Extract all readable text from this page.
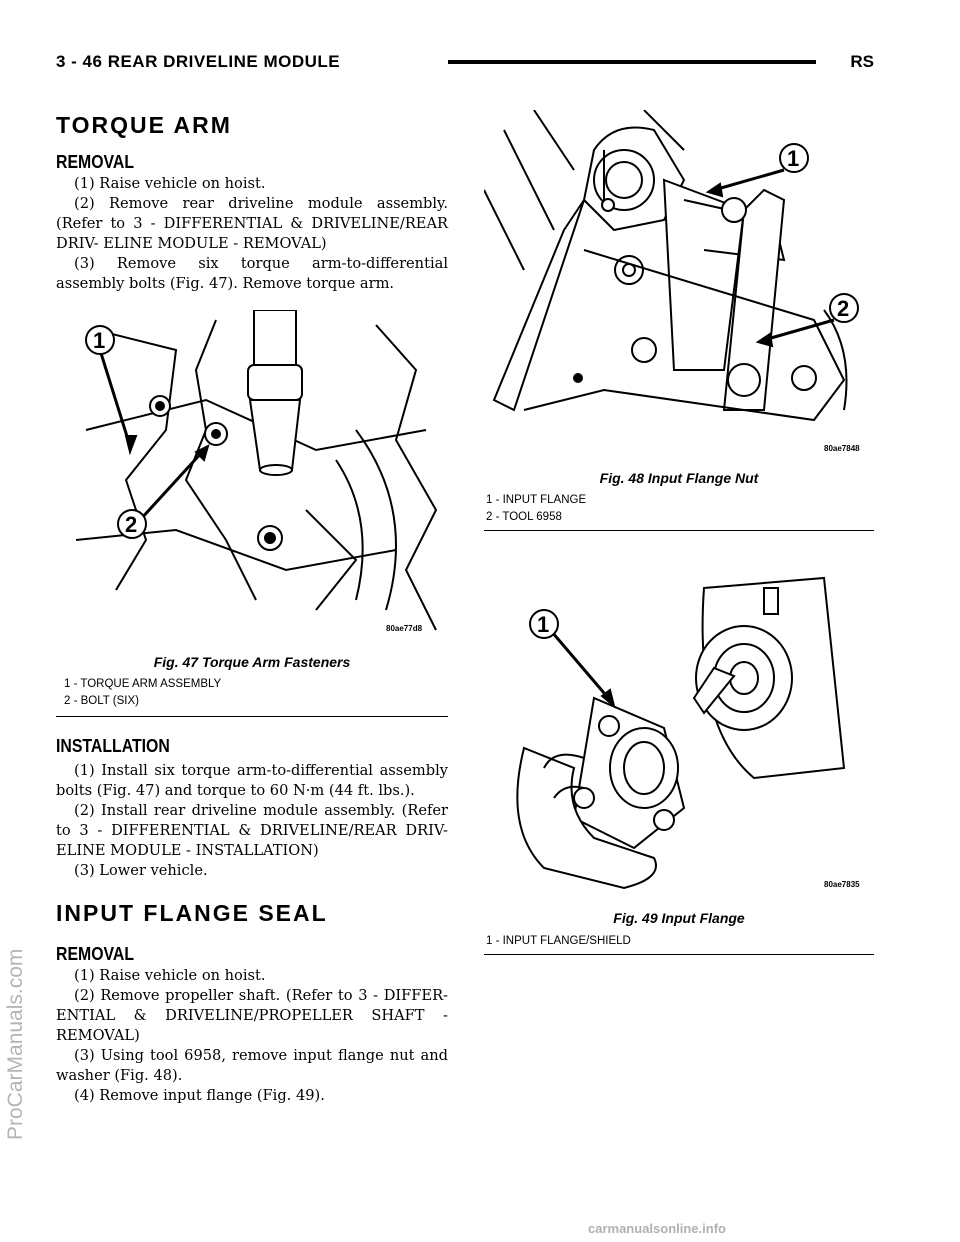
3 - 46 REAR DRIVELINE MODULE	RS
ProCarManuals.com
carmanualsonline.info
TORQUE ARM
REMOVAL

(1) Raise vehicle on hoist.

(2) Remove rear driveline module assembly. (Refer to 3 - DIFFERENTIAL & DRIVELINE/REAR DRIV- ELINE MODULE - REMOVAL)

(3) Remove six torque arm-to-differential assembly bolts (Fig. 47). Remove torque arm.

1
2
80ae77d8
Fig. 47 Torque Arm Fasteners
1 - TORQUE ARM ASSEMBLY
2 - BOLT (SIX)
INSTALLATION

(1) Install six torque arm-to-differential assembly bolts (Fig. 47) and torque to 60 N·m (44 ft. lbs.).

(2) Install rear driveline module assembly. (Refer to 3 - DIFFERENTIAL & DRIVELINE/REAR DRIV- ELINE MODULE - INSTALLATION)

(3) Lower vehicle.

INPUT FLANGE SEAL
REMOVAL

(1) Raise vehicle on hoist.

(2) Remove propeller shaft. (Refer to 3 - DIFFER- ENTIAL & DRIVELINE/PROPELLER SHAFT - REMOVAL)

(3) Using tool 6958, remove input flange nut and washer (Fig. 48).

(4) Remove input flange (Fig. 49).

1
2
80ae7848
Fig. 48 Input Flange Nut
1 - INPUT FLANGE
2 - TOOL 6958
1
80ae7835
Fig. 49 Input Flange
1 - INPUT FLANGE/SHIELD
